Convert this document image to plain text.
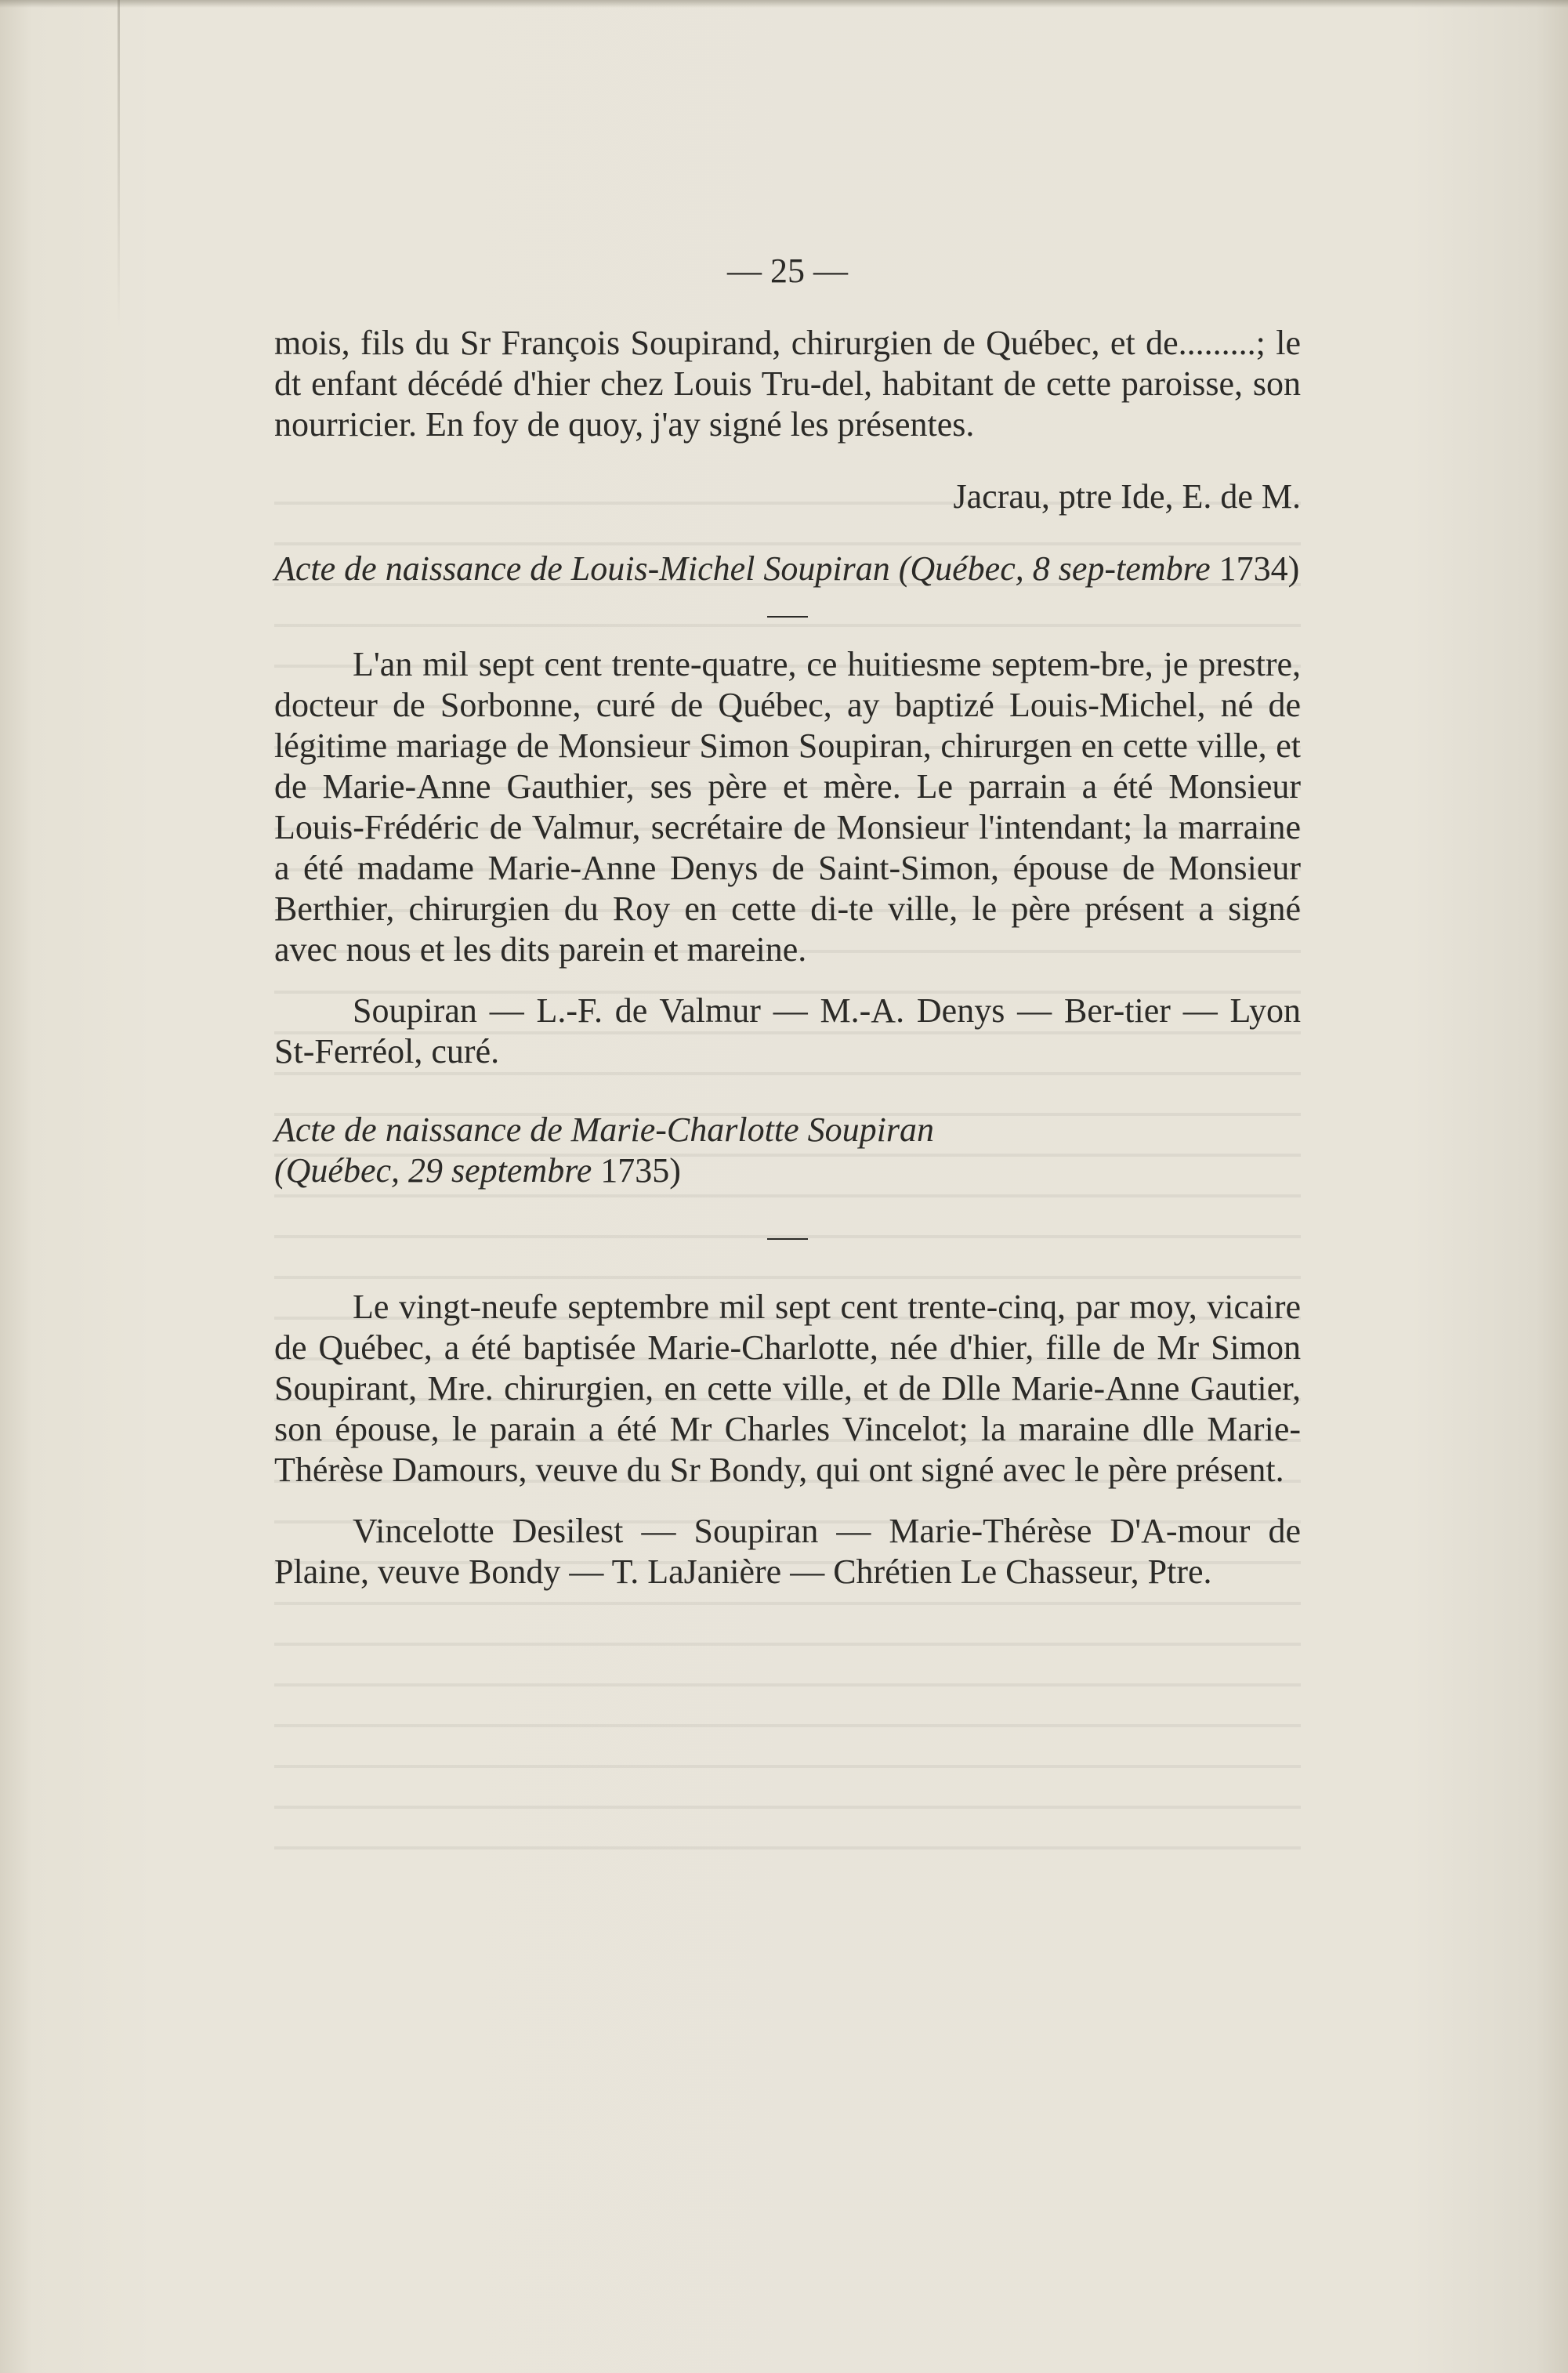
— 25 —

mois, fils du Sr François Soupirand, chirurgien de Québec, et de.........; le dt enfant décédé d'hier chez Louis Tru-del, habitant de cette paroisse, son nourricier. En foy de quoy, j'ay signé les présentes.

Jacrau, ptre Ide, E. de M.

Acte de naissance de Louis-Michel Soupiran (Québec, 8 sep-tembre 1734)

L'an mil sept cent trente-quatre, ce huitiesme septem-bre, je prestre, docteur de Sorbonne, curé de Québec, ay baptizé Louis-Michel, né de légitime mariage de Monsieur Simon Soupiran, chirurgen en cette ville, et de Marie-Anne Gauthier, ses père et mère. Le parrain a été Monsieur Louis-Frédéric de Valmur, secrétaire de Monsieur l'intendant; la marraine a été madame Marie-Anne Denys de Saint-Simon, épouse de Monsieur Berthier, chirurgien du Roy en cette di-te ville, le père présent a signé avec nous et les dits parein et mareine.

Soupiran — L.-F. de Valmur — M.-A. Denys — Ber-tier — Lyon St-Ferréol, curé.

Acte de naissance de Marie-Charlotte Soupiran

(Québec, 29 septembre 1735)

Le vingt-neufe septembre mil sept cent trente-cinq, par moy, vicaire de Québec, a été baptisée Marie-Charlotte, née d'hier, fille de Mr Simon Soupirant, Mre. chirurgien, en cette ville, et de Dlle Marie-Anne Gautier, son épouse, le parain a été Mr Charles Vincelot; la maraine dlle Marie-Thérèse Damours, veuve du Sr Bondy, qui ont signé avec le père présent.

Vincelotte Desilest — Soupiran — Marie-Thérèse D'A-mour de Plaine, veuve Bondy — T. LaJanière — Chrétien Le Chasseur, Ptre.
